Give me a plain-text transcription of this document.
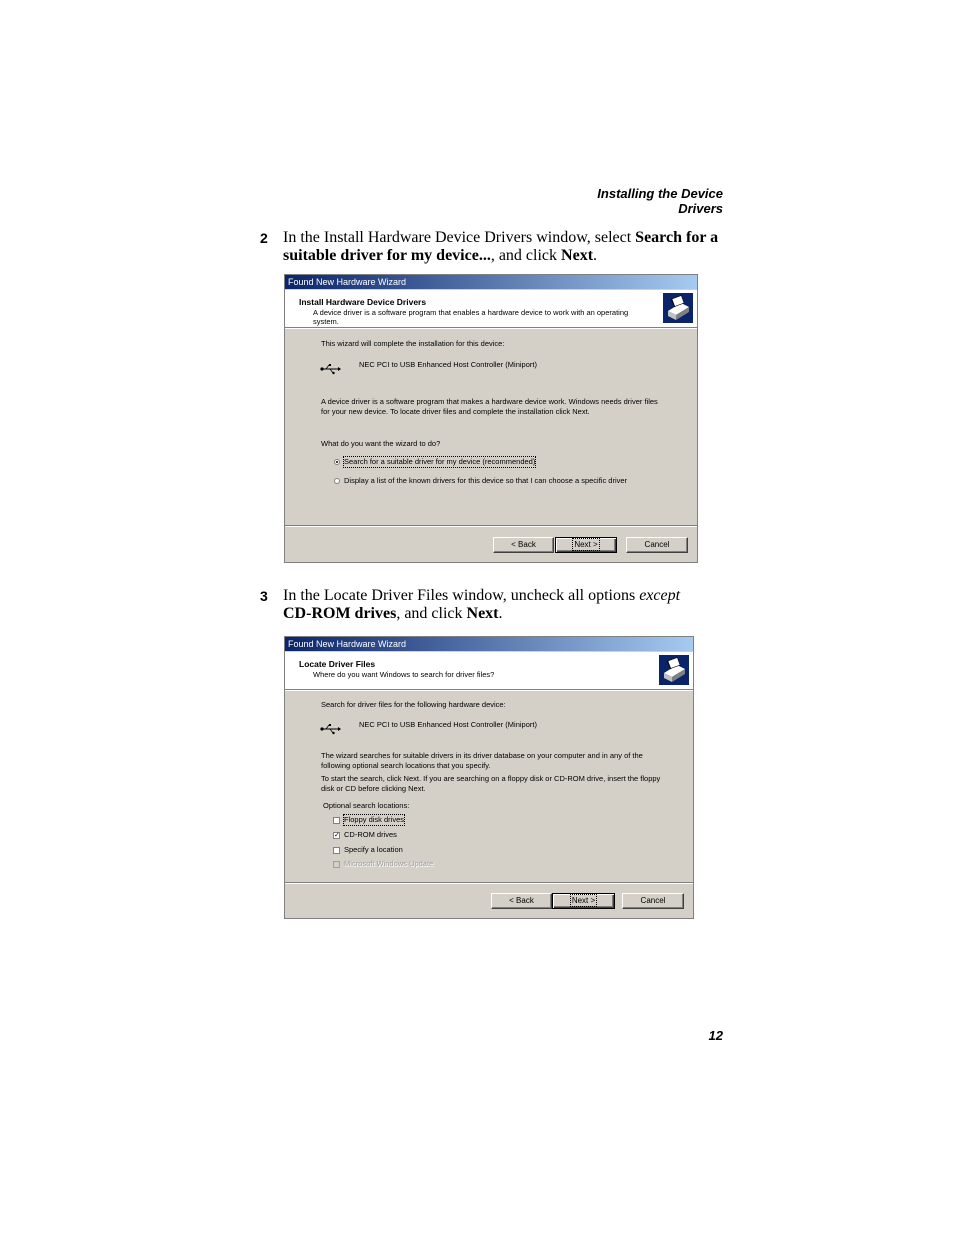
Installing the Device Drivers
2 In the Install Hardware Device Drivers window, select Search for a suitable driver for my device..., and click Next.
Found New Hardware Wizard
Install Hardware Device Drivers
A device driver is a software program that enables a hardware device to work with an operating system.
This wizard will complete the installation for this device:
NEC PCI to USB Enhanced Host Controller (Miniport)
A device driver is a software program that makes a hardware device work. Windows needs driver files for your new device. To locate driver files and complete the installation click Next.
What do you want the wizard to do?
Search for a suitable driver for my device (recommended)
Display a list of the known drivers for this device so that I can choose a specific driver
< Back	Next >	Cancel
3 In the Locate Driver Files window, uncheck all options except
CD-ROM drives, and click Next.
Found New Hardware Wizard
Locate Driver Files
Where do you want Windows to search for driver files?
Search for driver files for the following hardware device:
NEC PCI to USB Enhanced Host Controller (Miniport)
The wizard searches for suitable drivers in its driver database on your computer and in any of the following optional search locations that you specify.
To start the search, click Next. If you are searching on a floppy disk or CD-ROM drive, insert the floppy disk or CD before clicking Next.
Optional search locations:
Floppy disk drives
✓ CD-ROM drives
Specify a location
Microsoft Windows Update
< Back	Next >	Cancel
12
